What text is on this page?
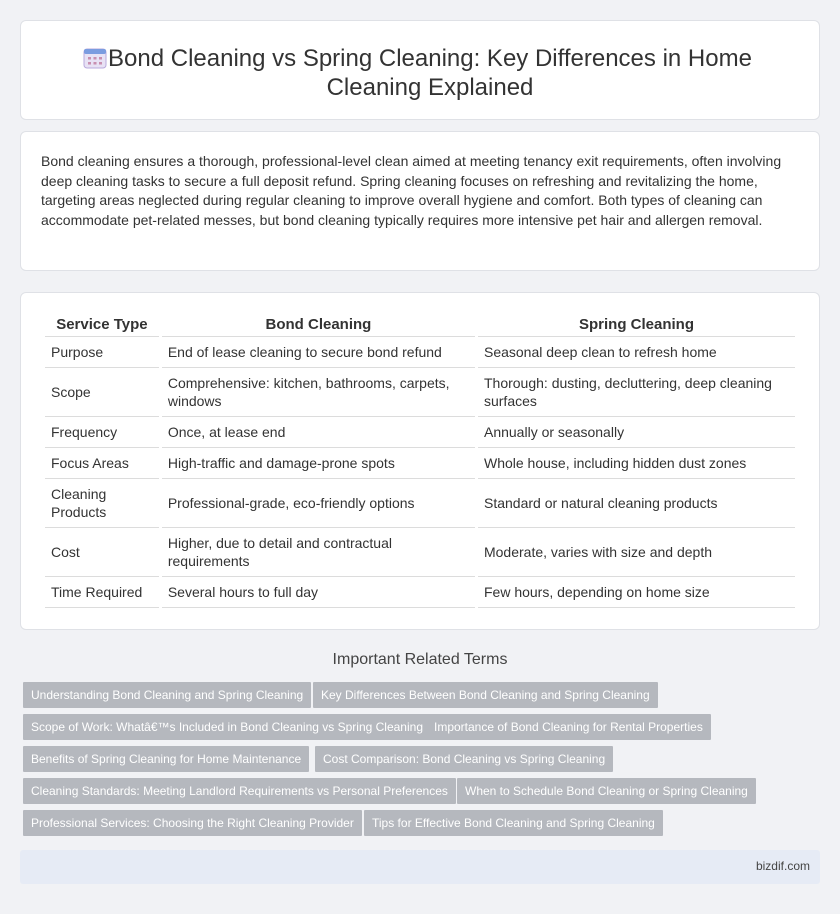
Bond Cleaning vs Spring Cleaning: Key Differences in Home Cleaning Explained

Bond cleaning ensures a thorough, professional-level clean aimed at meeting tenancy exit requirements, often involving deep cleaning tasks to secure a full deposit refund. Spring cleaning focuses on refreshing and revitalizing the home, targeting areas neglected during regular cleaning to improve overall hygiene and comfort. Both types of cleaning can accommodate pet-related messes, but bond cleaning typically requires more intensive pet hair and allergen removal.

Service Type	Bond Cleaning	Spring Cleaning
Purpose	End of lease cleaning to secure bond refund	Seasonal deep clean to refresh home
Scope	Comprehensive: kitchen, bathrooms, carpets, windows	Thorough: dusting, decluttering, deep cleaning surfaces
Frequency	Once, at lease end	Annually or seasonally
Focus Areas	High-traffic and damage-prone spots	Whole house, including hidden dust zones
Cleaning Products	Professional-grade, eco-friendly options	Standard or natural cleaning products
Cost	Higher, due to detail and contractual requirements	Moderate, varies with size and depth
Time Required	Several hours to full day	Few hours, depending on home size
Important Related Terms
Understanding Bond Cleaning and Spring Cleaning	Key Differences Between Bond Cleaning and Spring Cleaning
Scope of Work: Whatâ€™s Included in Bond Cleaning vs Spring Cleaning Importance of Bond Cleaning for Rental Properties
Benefits of Spring Cleaning for Home Maintenance	Cost Comparison: Bond Cleaning vs Spring Cleaning
Cleaning Standards: Meeting Landlord Requirements vs Personal Preferences	When to Schedule Bond Cleaning or Spring Cleaning
Professional Services: Choosing the Right Cleaning Provider	Tips for Effective Bond Cleaning and Spring Cleaning
bizdif.com
